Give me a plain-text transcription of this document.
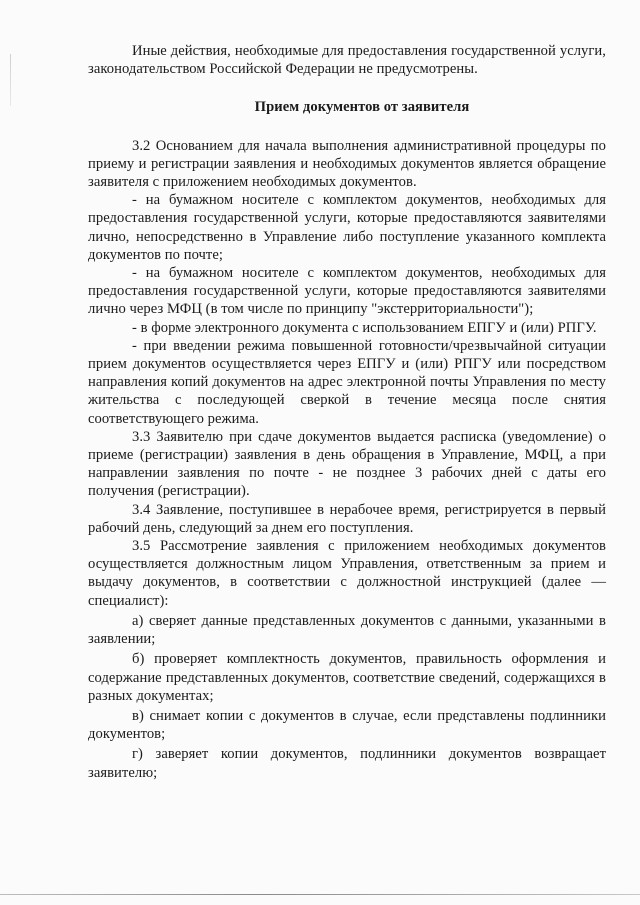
Иные действия, необходимые для предоставления государственной услуги, законодательством Российской Федерации не предусмотрены.

Прием документов от заявителя

3.2 Основанием для начала выполнения административной процедуры по приему и регистрации заявления и необходимых документов является обращение заявителя с приложением необходимых документов.

- на бумажном носителе с комплектом документов, необходимых для предоставления государственной услуги, которые предоставляются заявителями лично, непосредственно в Управление либо поступление указанного комплекта документов по почте;

- на бумажном носителе с комплектом документов, необходимых для предоставления государственной услуги, которые предоставляются заявителями лично через МФЦ (в том числе по принципу "экстерриториальности");

- в форме электронного документа с использованием ЕПГУ и (или) РПГУ.

- при введении режима повышенной готовности/чрезвычайной ситуации прием документов осуществляется через ЕПГУ и (или) РПГУ или посредством направления копий документов на адрес электронной почты Управления по месту жительства с последующей сверкой в течение месяца после снятия соответствующего режима.

3.3 Заявителю при сдаче документов выдается расписка (уведомление) о приеме (регистрации) заявления в день обращения в Управление, МФЦ, а при направлении заявления по почте - не позднее 3 рабочих дней с даты его получения (регистрации).

3.4 Заявление, поступившее в нерабочее время, регистрируется в первый рабочий день, следующий за днем его поступления.

3.5 Рассмотрение заявления с приложением необходимых документов осуществляется должностным лицом Управления, ответственным за прием и выдачу документов, в соответствии с должностной инструкцией (далее — специалист):

а) сверяет данные представленных документов с данными, указанными в заявлении;

б) проверяет комплектность документов, правильность оформления и содержание представленных документов, соответствие сведений, содержащихся в разных документах;

в) снимает копии с документов в случае, если представлены подлинники документов;

г) заверяет копии документов, подлинники документов возвращает заявителю;
